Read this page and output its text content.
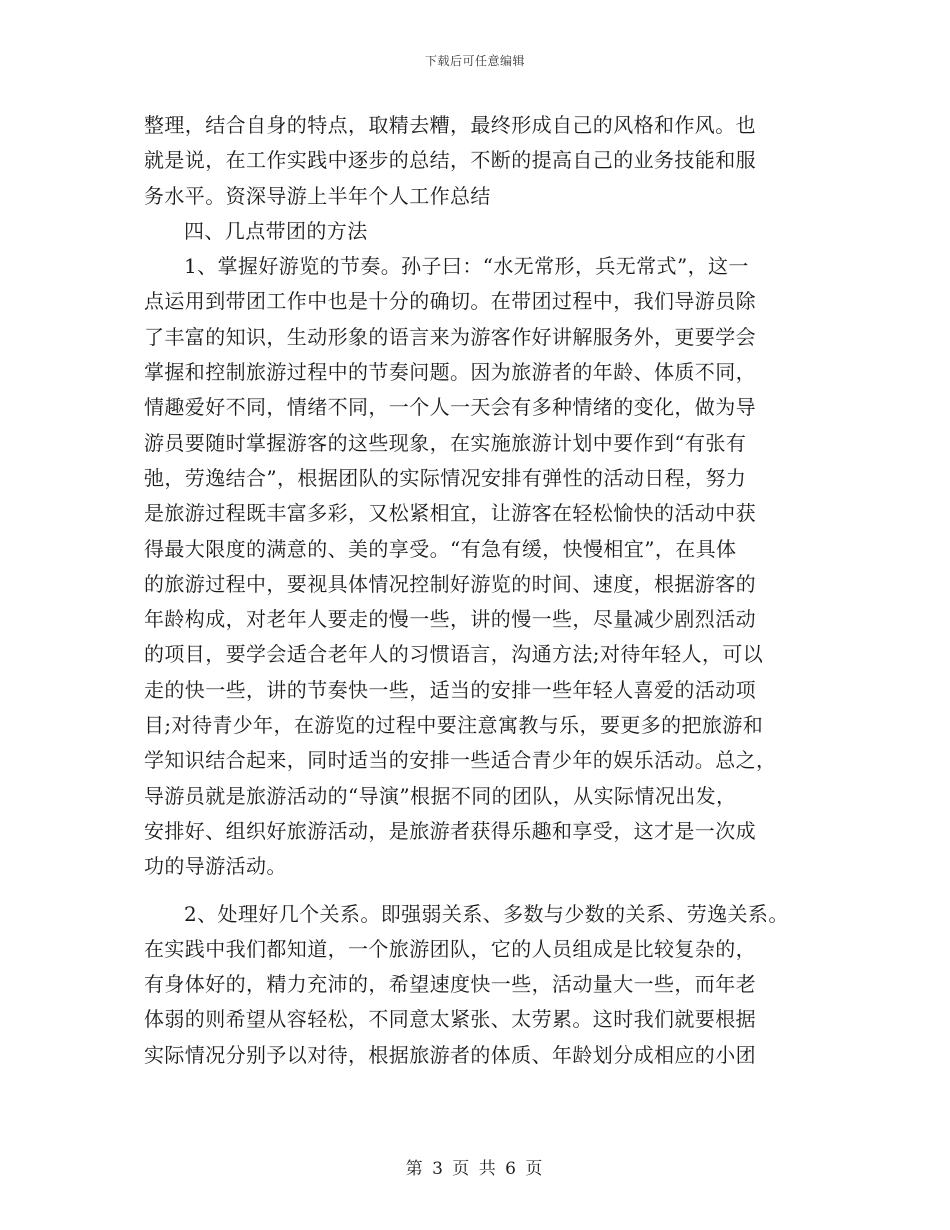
下载后可任意编辑
整理，结合自身的特点，取精去糟，最终形成自己的风格和作风。也
就是说，在工作实践中逐步的总结，不断的提高自己的业务技能和服
务水平。资深导游上半年个人工作总结
四、几点带团的方法
1、掌握好游览的节奏。孙子曰：“水无常形，兵无常式”，这一
点运用到带团工作中也是十分的确切。在带团过程中，我们导游员除
了丰富的知识，生动形象的语言来为游客作好讲解服务外，更要学会
掌握和控制旅游过程中的节奏问题。因为旅游者的年龄、体质不同，
情趣爱好不同，情绪不同，一个人一天会有多种情绪的变化，做为导
游员要随时掌握游客的这些现象，在实施旅游计划中要作到“有张有
弛，劳逸结合”，根据团队的实际情况安排有弹性的活动日程，努力
是旅游过程既丰富多彩，又松紧相宜，让游客在轻松愉快的活动中获
得最大限度的满意的、美的享受。“有急有缓，快慢相宜”，在具体
的旅游过程中，要视具体情况控制好游览的时间、速度，根据游客的
年龄构成，对老年人要走的慢一些，讲的慢一些，尽量减少剧烈活动
的项目，要学会适合老年人的习惯语言，沟通方法;对待年轻人，可以
走的快一些，讲的节奏快一些，适当的安排一些年轻人喜爱的活动项
目;对待青少年，在游览的过程中要注意寓教与乐，要更多的把旅游和
学知识结合起来，同时适当的安排一些适合青少年的娱乐活动。总之，
导游员就是旅游活动的“导演”根据不同的团队，从实际情况出发，
安排好、组织好旅游活动，是旅游者获得乐趣和享受，这才是一次成
功的导游活动。
2、处理好几个关系。即强弱关系、多数与少数的关系、劳逸关系。
在实践中我们都知道，一个旅游团队，它的人员组成是比较复杂的，
有身体好的，精力充沛的，希望速度快一些，活动量大一些，而年老
体弱的则希望从容轻松，不同意太紧张、太劳累。这时我们就要根据
实际情况分别予以对待，根据旅游者的体质、年龄划分成相应的小团
第 3 页 共 6 页
